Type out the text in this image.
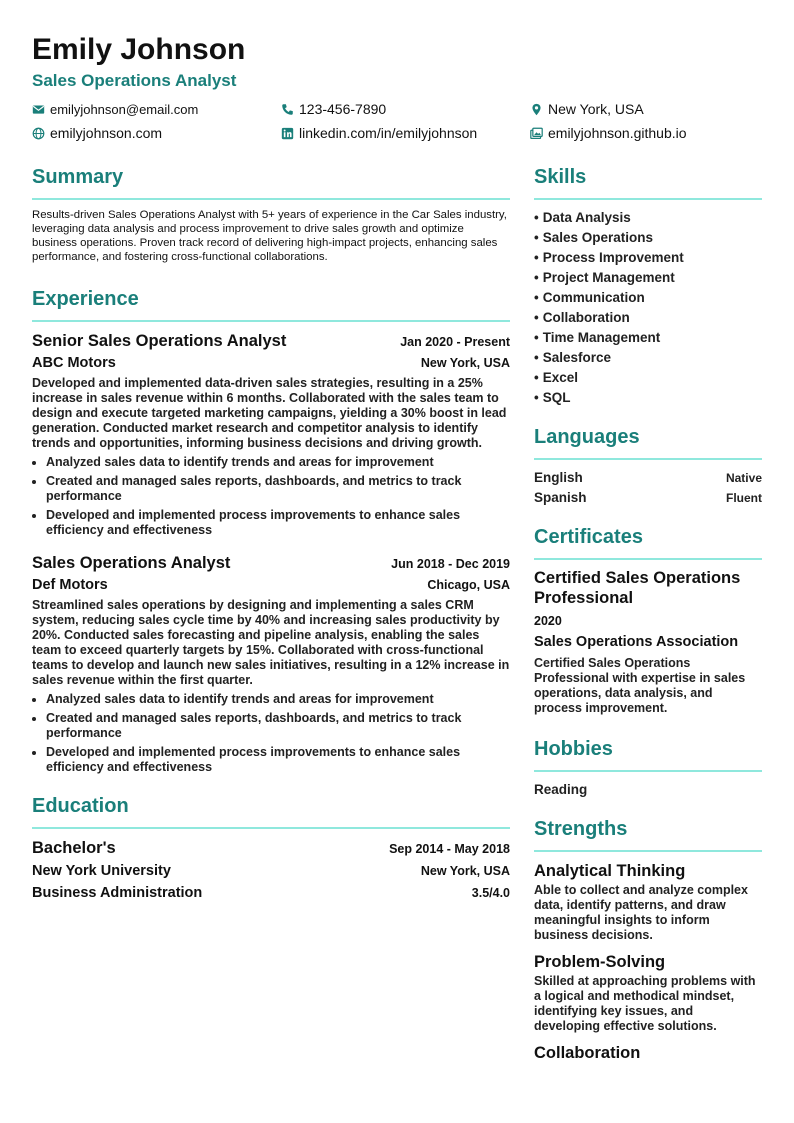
Emily Johnson
Sales Operations Analyst
emilyjohnson@email.com	123-456-7890	New York, USA
emilyjohnson.com	linkedin.com/in/emilyjohnson	emilyjohnson.github.io
Summary
Results-driven Sales Operations Analyst with 5+ years of experience in the Car Sales industry, leveraging data analysis and process improvement to drive sales growth and optimize business operations. Proven track record of delivering high-impact projects, enhancing sales performance, and fostering cross-functional collaborations.
Experience
Senior Sales Operations Analyst	Jan 2020 - Present
ABC Motors	New York, USA
Developed and implemented data-driven sales strategies, resulting in a 25% increase in sales revenue within 6 months. Collaborated with the sales team to design and execute targeted marketing campaigns, yielding a 30% boost in lead generation. Conducted market research and competitor analysis to identify trends and opportunities, informing business decisions and driving growth.
• Analyzed sales data to identify trends and areas for improvement
• Created and managed sales reports, dashboards, and metrics to track performance
• Developed and implemented process improvements to enhance sales efficiency and effectiveness
Sales Operations Analyst	Jun 2018 - Dec 2019
Def Motors	Chicago, USA
Streamlined sales operations by designing and implementing a sales CRM system, reducing sales cycle time by 40% and increasing sales productivity by 20%. Conducted sales forecasting and pipeline analysis, enabling the sales team to exceed quarterly targets by 15%. Collaborated with cross-functional teams to develop and launch new sales initiatives, resulting in a 12% increase in sales revenue within the first quarter.
• Analyzed sales data to identify trends and areas for improvement
• Created and managed sales reports, dashboards, and metrics to track performance
• Developed and implemented process improvements to enhance sales efficiency and effectiveness
Education
Bachelor's	Sep 2014 - May 2018
New York University	New York, USA
Business Administration	3.5/4.0
Skills
• Data Analysis
• Sales Operations
• Process Improvement
• Project Management
• Communication
• Collaboration
• Time Management
• Salesforce
• Excel
• SQL
Languages
English	Native
Spanish	Fluent
Certificates
Certified Sales Operations Professional
2020
Sales Operations Association
Certified Sales Operations Professional with expertise in sales operations, data analysis, and process improvement.
Hobbies
Reading
Strengths
Analytical Thinking
Able to collect and analyze complex data, identify patterns, and draw meaningful insights to inform business decisions.
Problem-Solving
Skilled at approaching problems with a logical and methodical mindset, identifying key issues, and developing effective solutions.
Collaboration
